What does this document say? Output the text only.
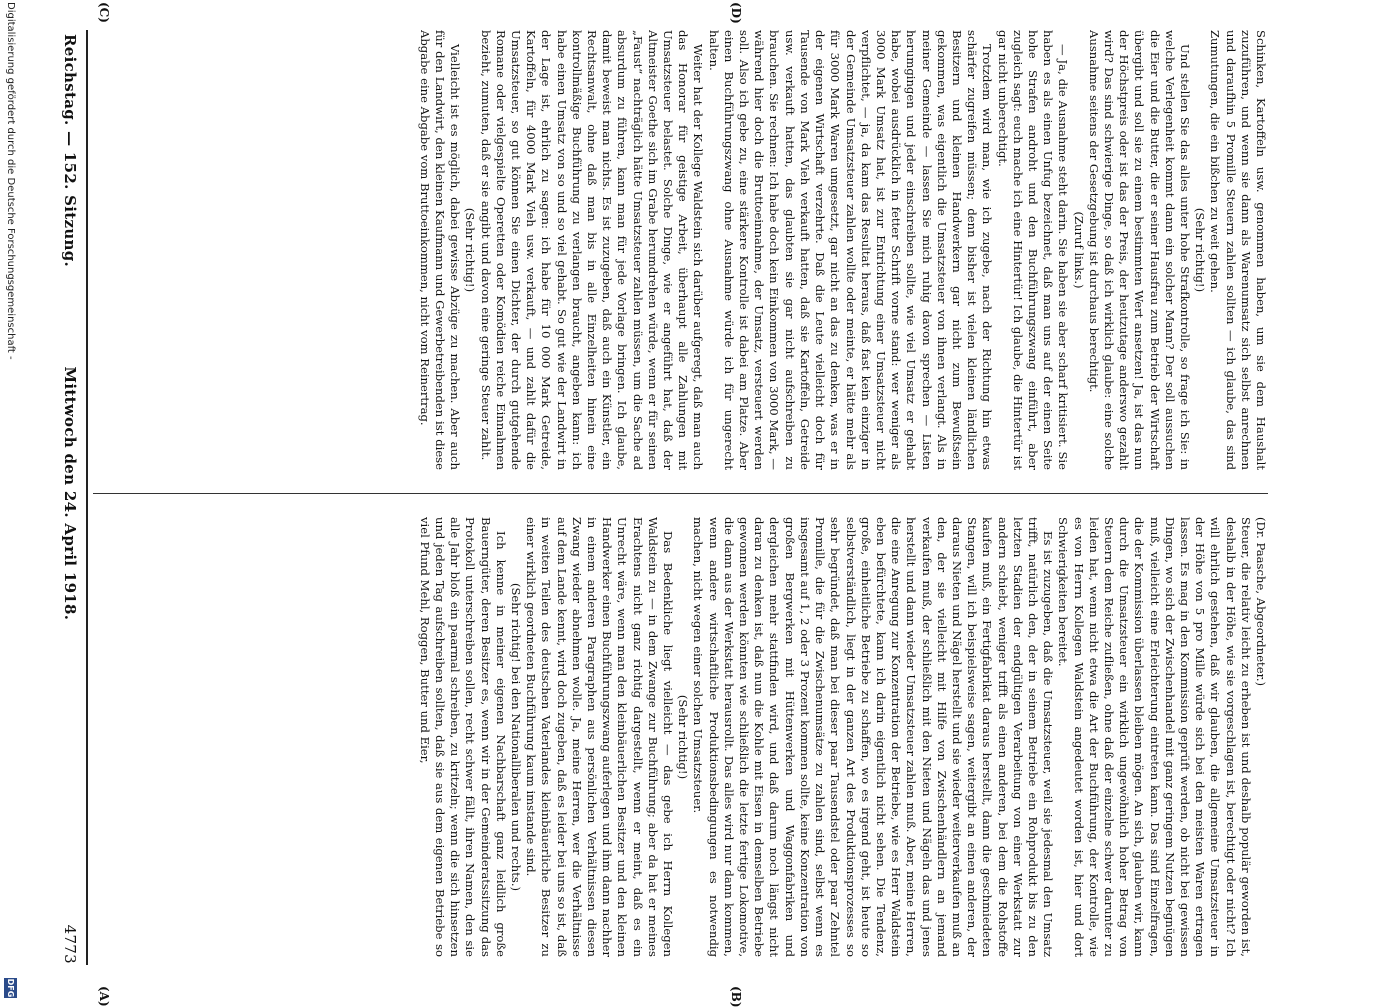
Reichstag. — 152. Sitzung.                  Mittwoch den 24. April 1918.
4773

(Dr. Paasche, Abgeordneter.)

Steuer, die relativ leicht zu erheben ist und deshalb populär geworden ist, deshalb in der Höhe, wie sie vorgeschlagen ist, berechtigt oder nicht? Ich will ehrlich gestehen, daß wir glauben, die allgemeine Umsatzsteuer in der Höhe von 5 pro Mille würde sich bei den meisten Waren ertragen lassen. Es mag in den Kommission geprüft werden, ob nicht bei gewissen Dingen, wo sich der Zwischenhandel mit ganz geringem Nutzen begnügen muß, vielleicht eine Erleichterung eintreten kann. Das sind Einzelfragen, die der Kommission überlassen bleiben mögen. An sich, glauben wir, kann durch die Umsatzsteuer ein wirklich ungewöhnlich hoher Betrag von Steuern dem Reiche zufließen, ohne daß der einzelne schwer darunter zu leiden hat, wenn nicht etwa die Art der Buchführung, der Kontrolle, wie es von Herrn Kollegen Waldstein angedeutet worden ist, hier und dort Schwierigkeiten bereitet.

Es ist zuzugeben, daß die Umsatzsteuer, weil sie jedesmal den Umsatz trifft, natürlich den, der in seinem Betriebe ein Rohprodukt bis zu den letzten Stadien der endgültigen Verarbeitung von einer Werkstatt zur andern schiebt, weniger trifft als einen anderen, bei dem die Rohstoffe kaufen muß, ein Fertigfabrikat daraus herstellt, dann die geschmiedeten Stangen, will ich beispielsweise sagen, weitergibt an einen anderen, der daraus Nieten und Nägel herstellt und sie wieder weiterverkaufen muß an den, der sie vielleicht mit Hilfe von Zwischenhändlern an jemand verkaufen muß, der schließlich mit den Nieten und Nägeln das und jenes herstellt und dann wieder Umsatzsteuer zahlen muß. Aber, meine Herren, die eine Anregung zur Konzentration der Betriebe, wie es Herr Waldstein eben befürchtete, kann ich darin eigentlich nicht sehen. Die Tendenz, große, einheitliche Betriebe zu schaffen, wo es irgend geht, ist heute so selbstverständlich, liegt in der ganzen Art des Produktionsprozesses so sehr begründet, daß man bei dieser paar Tausendstel oder paar Zehntel Promille, die für die Zwischenumsätze zu zahlen sind, selbst wenn es insgesamt auf 1, 2 oder 3 Prozent kommen sollte, keine Konzentration von großen Bergwerken mit Hüttenwerken und Waggonfabriken und dergleichen mehr stattfinden wird, und daß darum noch längst nicht daran zu denken ist, daß nun die Kohle mit Eisen in demselben Betriebe gewonnen werden könnten wie schließlich die letzte fertige Lokomotive, die dann aus der Werkstatt herausrollt. Das alles wird nur dann kommen, wenn andere wirtschaftliche Produktionsbedingungen es notwendig machen, nicht wegen einer solchen Umsatzsteuer.

(Sehr richtig!)

Das Bedenkliche liegt vielleicht — das gebe ich Herrn Kollegen Waldstein zu — in dem Zwange zur Buchführung; aber da hat er meines Erachtens nicht ganz richtig dargestellt, wenn er meint, daß es ein Unrecht wäre, wenn man den kleinbäuerlichen Besitzer und den kleinen Handwerker einen Buchführungszwang auferlegen und ihm dann nachher in einem anderen Paragraphen aus persönlichen Verhältnissen diesen Zwang wieder abnehmen wolle. Ja, meine Herren, wer die Verhältnisse auf dem Lande kennt, wird doch zugeben, daß es leider bei uns so ist, daß in weiten Teilen des deutschen Vaterlandes kleinbäuerliche Besitzer zu einer wirklich geordneten Buchführung kaum imstande sind.

(Sehr richtig! bei den Nationalliberalen und rechts.)

Ich kenne in meiner eigenen Nachbarschaft ganz leidlich große Bauerngüter, deren Besitzer es, wenn wir in der Gemeinderatssitzung das Protokoll unterschreiben sollen, recht schwer fällt, ihren Namen, den sie alle Jahr bloß ein paarmal schreiben, zu kritzeln; wenn die sich hinsetzen und jeden Tag aufschreiben sollten, daß sie aus dem eigenen Betriebe so viel Pfund Mehl, Roggen, Butter und Eier,

Schinken, Kartoffeln usw. genommen haben, um sie dem Haushalt zuzuführen, und wenn sie dann als Warenumsatz sich selbst anrechnen und daraufhin 5 Promille Steuern zahlen sollten — ich glaube, das sind Zumutungen, die ein bißchen zu weit gehen.

(Sehr richtig!)

Und stellen Sie das alles unter hohe Strafkontrolle, so frage ich Sie: in welche Verlegenheit kommt dann ein solcher Mann? Der soll aussuchen die Eier und die Butter, die er seiner Hausfrau zum Betrieb der Wirtschaft übergibt und soll sie zu einem bestimmten Wert ansetzen! Ja, ist das nun der Höchstpreis oder ist das der Preis, der heutzutage anderswo gezahlt wird? Das sind schwierige Dinge, so daß ich wirklich glaube: eine solche Ausnahme seitens der Gesetzgebung ist durchaus berechtigt.

(Zuruf links.)

— Ja, die Ausnahme steht darin. Sie haben sie aber scharf kritisiert. Sie haben es als einen Unfug bezeichnet, daß man uns auf der einen Seite hohe Strafen androht und den Buchführungszwang einführt, aber zugleich sagt: euch mache ich eine Hintertür! Ich glaube, die Hintertür ist gar nicht unberechtigt.

Trotzdem wird man, wie ich zugebe, nach der Richtung hin etwas schärfer zugreifen müssen; denn bisher ist vielen kleinen ländlichen Besitzern und kleinen Handwerkern gar nicht zum Bewußtsein gekommen, was eigentlich die Umsatzsteuer von ihnen verlangt. Als in meiner Gemeinde — lassen Sie mich ruhig davon sprechen — Listen herumgingen und jeder einschreiben sollte, wie viel Umsatz er gehabt habe, wobei ausdrücklich in fetter Schrift vorne stand: wer weniger als 3000 Mark Umsatz hat, ist zur Entrichtung einer Umsatzsteuer nicht verpflichtet, — ja, da kam das Resultat heraus, daß fast kein einziger in der Gemeinde Umsatzsteuer zahlen wollte oder meinte, er hätte mehr als für 3000 Mark Waren umgesetzt, gar nicht an das zu denken, was er in der eigenen Wirtschaft verzehrte. Daß die Leute vielleicht doch für Tausende von Mark Vieh verkauft hatten, daß sie Kartoffeln, Getreide usw. verkauft hatten, das glaubten sie gar nicht aufschreiben zu brauchen. Sie rechnen: Ich habe doch kein Einkommen von 3000 Mark, — während hier doch die Bruttoeinnahme, der Umsatz, versteuert werden soll. Also ich gebe zu, eine stärkere Kontrolle ist dabei am Platze. Aber einen Buchführungszwang ohne Ausnahme würde ich für ungerecht halten.

Weiter hat der Kollege Waldstein sich darüber aufgeregt, daß man auch das Honorar für geistige Arbeit, überhaupt alle Zahlungen mit Umsatzsteuer belastet. Solche Dinge, wie er angeführt hat, daß der Altmeister Goethe sich im Grabe herumdrehen würde, wenn er für seinen „Faust“ nachträglich hätte Umsatzsteuer zahlen müssen, um die Sache ad absurdum zu führen, kann man für jede Vorlage bringen. Ich glaube, damit beweist man nichts. Es ist zuzugeben, daß auch ein Künstler, ein Rechtsanwalt, ohne daß man bis in alle Einzelheiten hinein eine kontrollmäßige Buchführung zu verlangen braucht, angeben kann: ich habe einen Umsatz von so und so viel gehabt. So gut wie der Landwirt in der Lage ist, ehrlich zu sagen: ich habe für 10 000 Mark Getreide, Kartoffeln, für 4000 Mark Vieh usw. verkauft, — und zahlt dafür die Umsatzsteuer, so gut können Sie einen Dichter, der durch gutgehende Romane oder vielgespielte Operetten oder Komödien reiche Einnahmen bezieht, zumuten, daß er sie angibt und davon eine geringe Steuer zahlt.

(Sehr richtig!)

Vielleicht ist es möglich, dabei gewisse Abzüge zu machen. Aber auch für den Landwirt, den kleinen Kaufmann und Gewerbetreibenden ist diese Abgabe eine Abgabe vom Bruttoeinkommen, nicht vom Reinertrag.

(A)	(B)
(C)	(D)
Digitalisierung gefördert durch die Deutsche Forschungsgemeinschaft -
DFG
